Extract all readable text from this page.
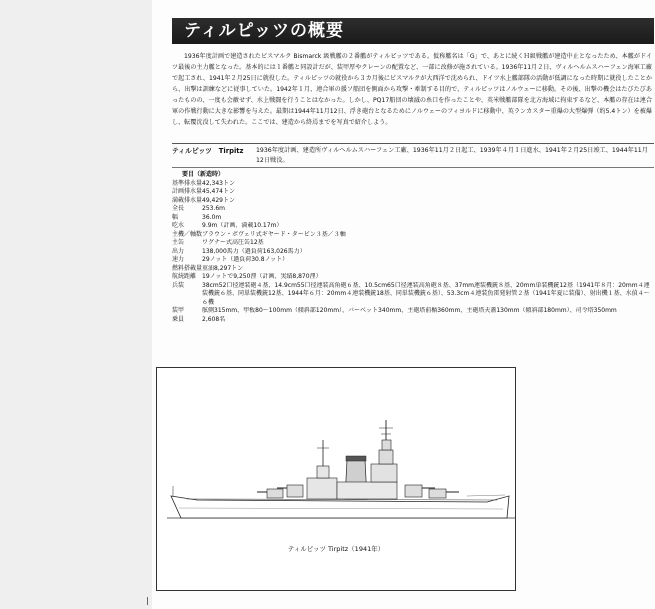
ティルピッツの概要
1936年度計画で建造されたビスマルク Bismarck 級戦艦の２番艦がティルピッツである。仮称艦名は「G」で、あとに続くＨ級戦艦が建造中止となったため、本艦がドイツ最後の主力艦となった。基本的には１番艦と同設計だが、装甲厚やクレーンの配置など、一部に改修が施されている。1936年11月２日、ヴィルヘルムスハーフェン海軍工廠で起工され、1941年２月25日に就役した。ティルピッツの就役から３カ月後にビスマルクが大西洋で沈められ、ドイツ水上艦部隊の活動が低調になった時期に就役したことから、出撃は訓練などに従事していた。1942年１月、連合軍の援ソ船団を側面から攻撃・牽制する目的で、ティルピッツはノルウェーに移動。その後、出撃の機会はたびたびあったものの、一度も会敵せず、水上戦闘を行うことはなかった。しかし、PQ17船団の壊滅の糸口を作ったことや、英米戦艦部隊を北方海域に拘束するなど、本艦の存在は連合軍の作戦行動に大きな影響を与えた。最期は1944年11月12日、浮き砲台となるためにノルウェーのフィヨルドに移動中、英ランカスター重爆の大型爆弾（約5.4トン）を被爆し、転覆沈没して失われた。ここでは、建造から終焉までを写真で紹介しよう。
ティルピッツ　Tirpitz 1936年度計画、建造所ヴィルヘルムスハーフェン工廠、1936年11月２日起工、1939年４月１日進水、1941年２月25日竣工、1944年11月12日戦没。
要目（新造時）
基準排水量 42,343トン
計画排水量 45,474トン
満載排水量 49,429トン
全長	253.6m
幅	36.0m
吃水	9.9m（計画、満載10.17m）
主機／軸数 ブラウン・ボヴェリ式ギヤード・タービン３基／３軸
主缶	ワグナー式高圧缶12基
出力	138,000馬力（過負荷163,026馬力）
速力	29ノット（過負荷30.8ノット）
燃料搭載量 重油8,297トン
航続距離 19ノットで9,250浬（計画、実績8,870浬）
兵装	38cm52口径連装砲４基、14.9cm55口径連装高角砲６基、10.5cm65口径連装高角砲８基、37mm連装機銃８基、20mm単装機銃12基（1941年８月：20mm４連装機銃６基、同単装機銃12基、1944年６月：20mm４連装機銃18基、同単装機銃６基）、53.3cm４連装魚雷発射管２基（1941年夏に装備）、射出機１基、水偵４～６機
装甲	舷側315mm、甲板80～100mm（傾斜部120mm）、バーベット340mm、主砲塔前楯360mm、主砲塔天蓋130mm（傾斜部180mm）、司令塔350mm
乗員	2,608名
ティルピッツ Tirpitz（1941年）
|
